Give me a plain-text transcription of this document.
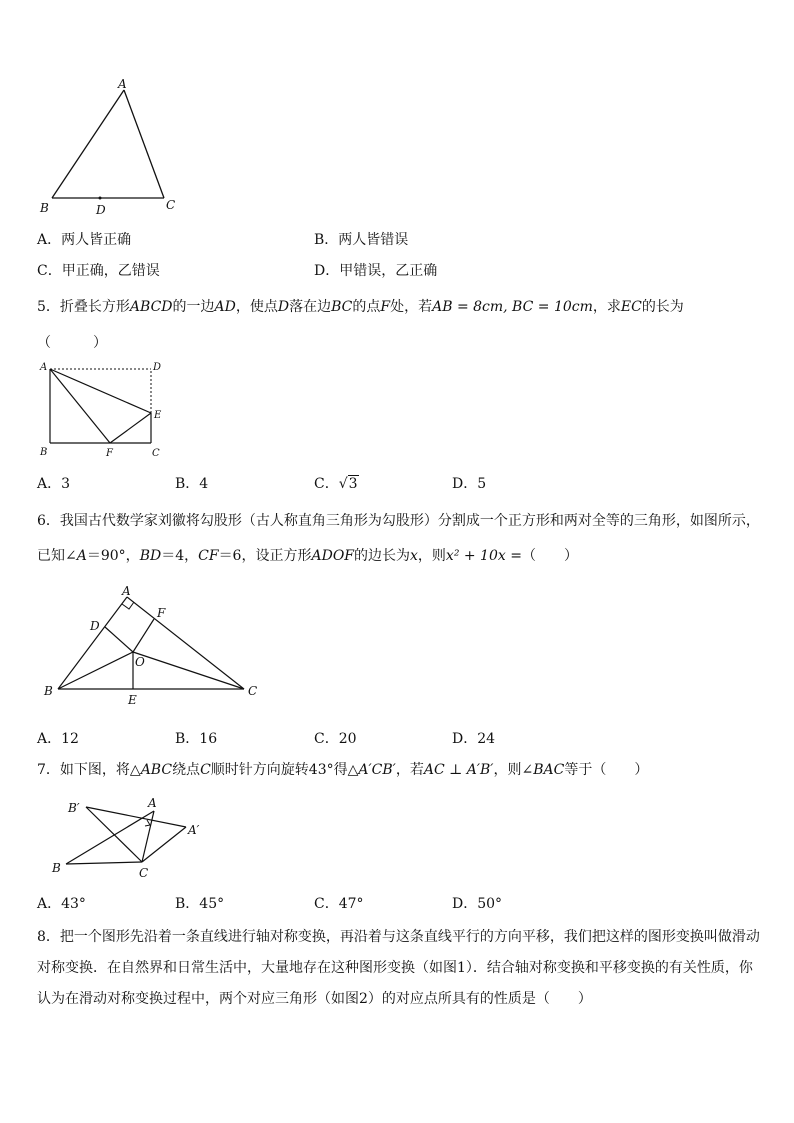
A
B	C
D
A．两人皆正确	B．两人皆错误
C．甲正确，乙错误	D．甲错误，乙正确
5．折叠长方形ABCD的一边AD，使点D落在边BC的点F处，若AB = 8cm, BC = 10cm，求EC的长为
（　　　）
A	D
E
B	F	C
A．3	B．4	C．√3	D．5
6．我国古代数学家刘徽将勾股形（古人称直角三角形为勾股形）分割成一个正方形和两对全等的三角形，如图所示，
已知∠A＝90°，BD＝4，CF＝6，设正方形ADOF的边长为x，则x² + 10x =（　　）
A
D
F
O
B
E
C
A．12	B．16	C．20	D．24
7．如下图，将△ABC绕点C顺时针方向旋转43°得△A′CB′，若AC ⊥ A′B′，则∠BAC等于（　　）
B′	A
A′
B	C
A．43°	B．45°	C．47°	D．50°
8．把一个图形先沿着一条直线进行轴对称变换，再沿着与这条直线平行的方向平移，我们把这样的图形变换叫做滑动
对称变换．在自然界和日常生活中，大量地存在这种图形变换（如图1）．结合轴对称变换和平移变换的有关性质，你
认为在滑动对称变换过程中，两个对应三角形（如图2）的对应点所具有的性质是（　　）
